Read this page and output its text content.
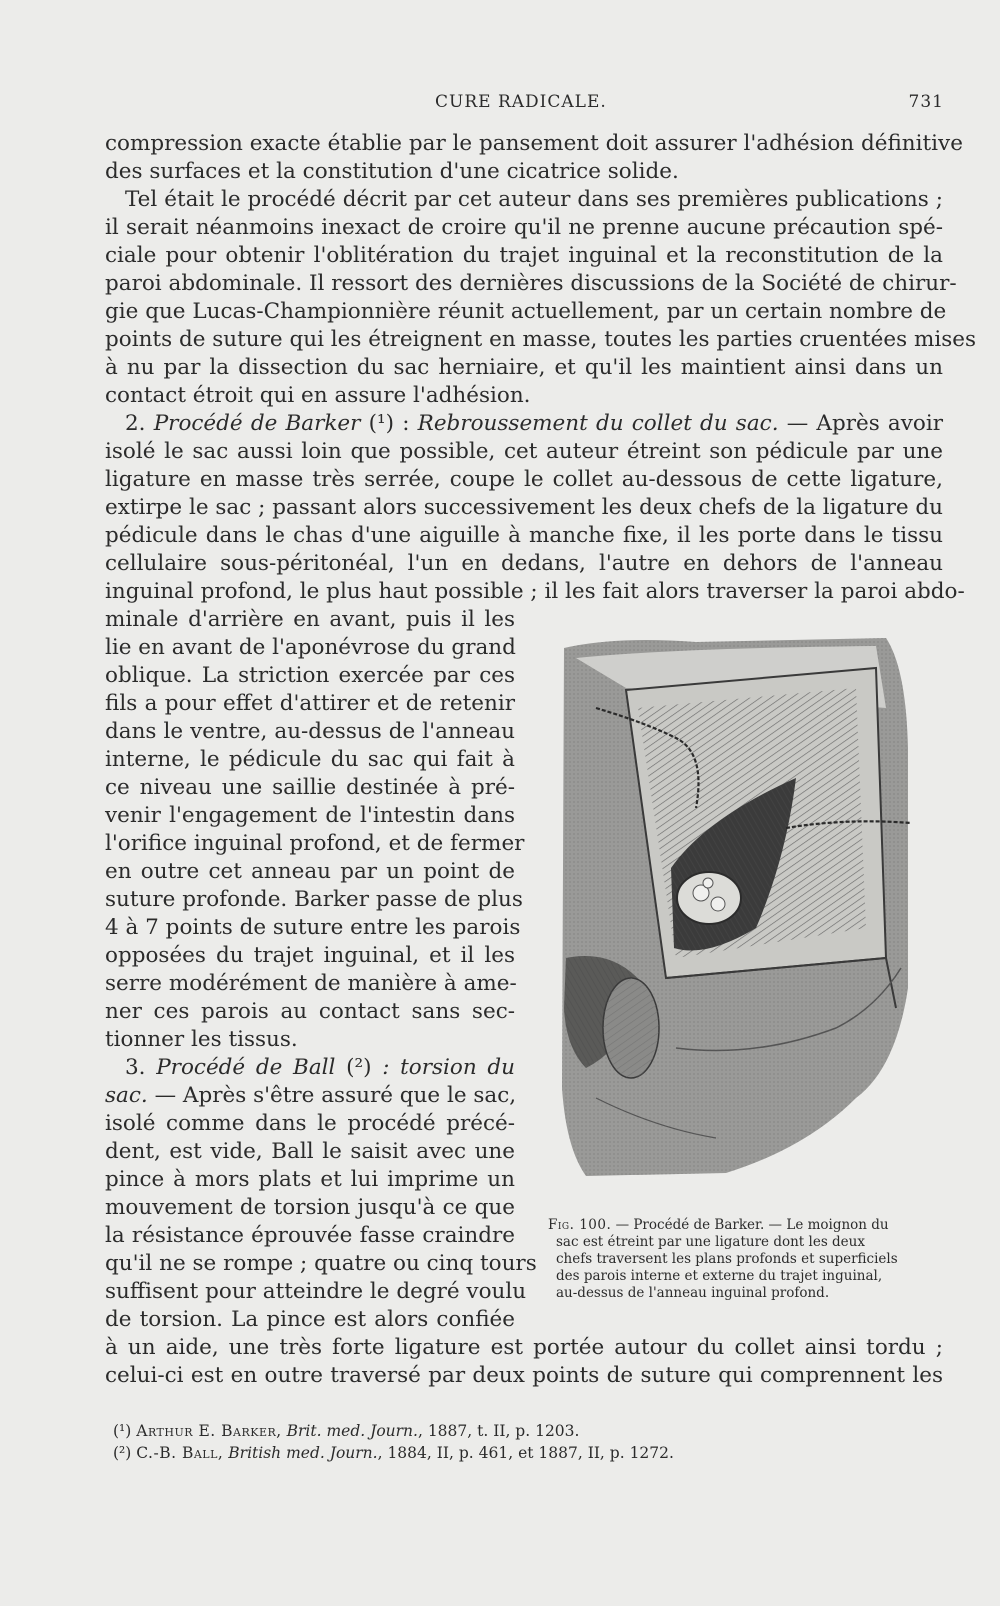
CURE RADICALE.	731
compression exacte établie par le pansement doit assurer l'adhésion définitive
des surfaces et la constitution d'une cicatrice solide.
Tel était le procédé décrit par cet auteur dans ses premières publications ;
il serait néanmoins inexact de croire qu'il ne prenne aucune précaution spé-
ciale pour obtenir l'oblitération du trajet inguinal et la reconstitution de la
paroi abdominale. Il ressort des dernières discussions de la Société de chirur-
gie que Lucas-Championnière réunit actuellement, par un certain nombre de
points de suture qui les étreignent en masse, toutes les parties cruentées mises
à nu par la dissection du sac herniaire, et qu'il les maintient ainsi dans un
contact étroit qui en assure l'adhésion.
2. Procédé de Barker (¹) : Rebroussement du collet du sac. — Après avoir
isolé le sac aussi loin que possible, cet auteur étreint son pédicule par une
ligature en masse très serrée, coupe le collet au-dessous de cette ligature,
extirpe le sac ; passant alors successivement les deux chefs de la ligature du
pédicule dans le chas d'une aiguille à manche fixe, il les porte dans le tissu
cellulaire sous-péritonéal, l'un en dedans, l'autre en dehors de l'anneau
inguinal profond, le plus haut possible ; il les fait alors traverser la paroi abdo-
minale d'arrière en avant, puis il les
lie en avant de l'aponévrose du grand
oblique. La striction exercée par ces
fils a pour effet d'attirer et de retenir
dans le ventre, au-dessus de l'anneau
interne, le pédicule du sac qui fait à
ce niveau une saillie destinée à pré-
venir l'engagement de l'intestin dans
l'orifice inguinal profond, et de fermer
en outre cet anneau par un point de
suture profonde. Barker passe de plus
4 à 7 points de suture entre les parois
opposées du trajet inguinal, et il les
serre modérément de manière à ame-
ner ces parois au contact sans sec-
tionner les tissus.
3. Procédé de Ball (²) : torsion du
sac. — Après s'être assuré que le sac,
isolé comme dans le procédé précé-
dent, est vide, Ball le saisit avec une
pince à mors plats et lui imprime un
mouvement de torsion jusqu'à ce que
la résistance éprouvée fasse craindre
qu'il ne se rompe ; quatre ou cinq tours
suffisent pour atteindre le degré voulu
de torsion. La pince est alors confiée
à un aide, une très forte ligature est portée autour du collet ainsi tordu ;
celui-ci est en outre traversé par deux points de suture qui comprennent les
Fig. 100. — Procédé de Barker. — Le moignon du
sac est étreint par une ligature dont les deux
chefs traversent les plans profonds et superficiels
des parois interne et externe du trajet inguinal,
au-dessus de l'anneau inguinal profond.
(¹) Arthur E. Barker, Brit. med. Journ., 1887, t. II, p. 1203.
(²) C.-B. Ball, British med. Journ., 1884, II, p. 461, et 1887, II, p. 1272.
